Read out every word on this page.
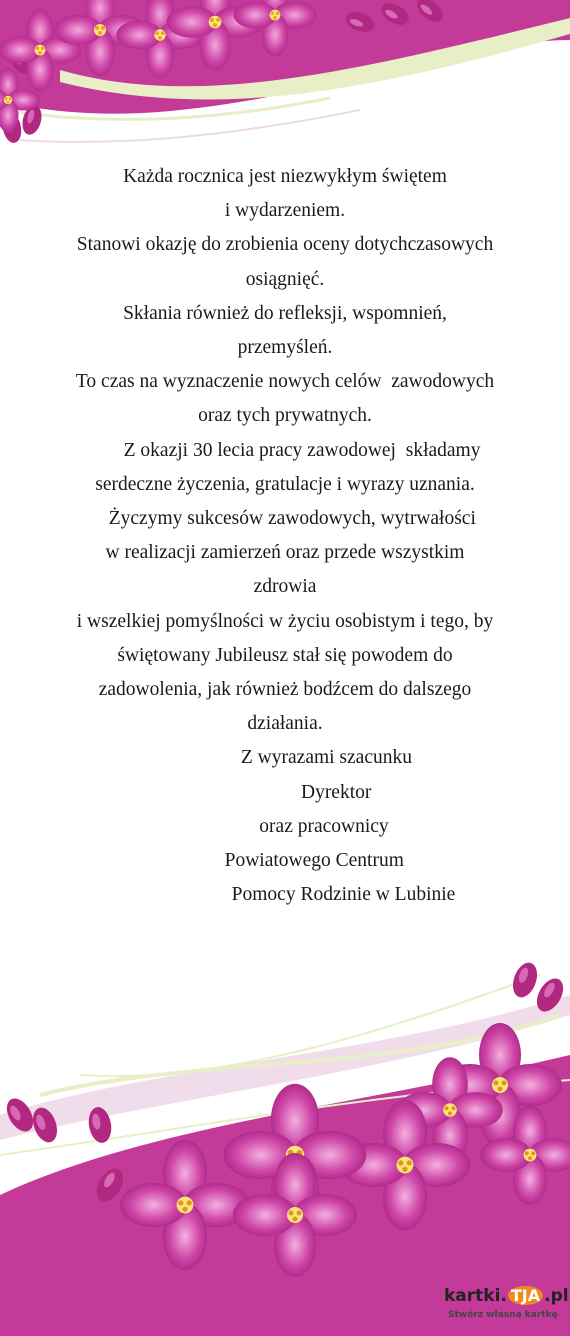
Każda rocznica jest niezwykłym świętem
i wydarzeniem.
Stanowi okazję do zrobienia oceny dotychczasowych
osiągnięć.
Skłania również do refleksji, wspomnień,
przemyśleń.
To czas na wyznaczenie nowych celów  zawodowych
oraz tych prywatnych.
Z okazji 30 lecia pracy zawodowej  składamy
serdeczne życzenia, gratulacje i wyrazy uznania.
Życzymy sukcesów zawodowych, wytrwałości
w realizacji zamierzeń oraz przede wszystkim
zdrowia
i wszelkiej pomyślności w życiu osobistym i tego, by
świętowany Jubileusz stał się powodem do
zadowolenia, jak również bodźcem do dalszego
działania.
Z wyrazami szacunku
Dyrektor
oraz pracownicy
Powiatowego Centrum
Pomocy Rodzinie w Lubinie
kartki. TJA .pl
Stwórz własną kartkę
